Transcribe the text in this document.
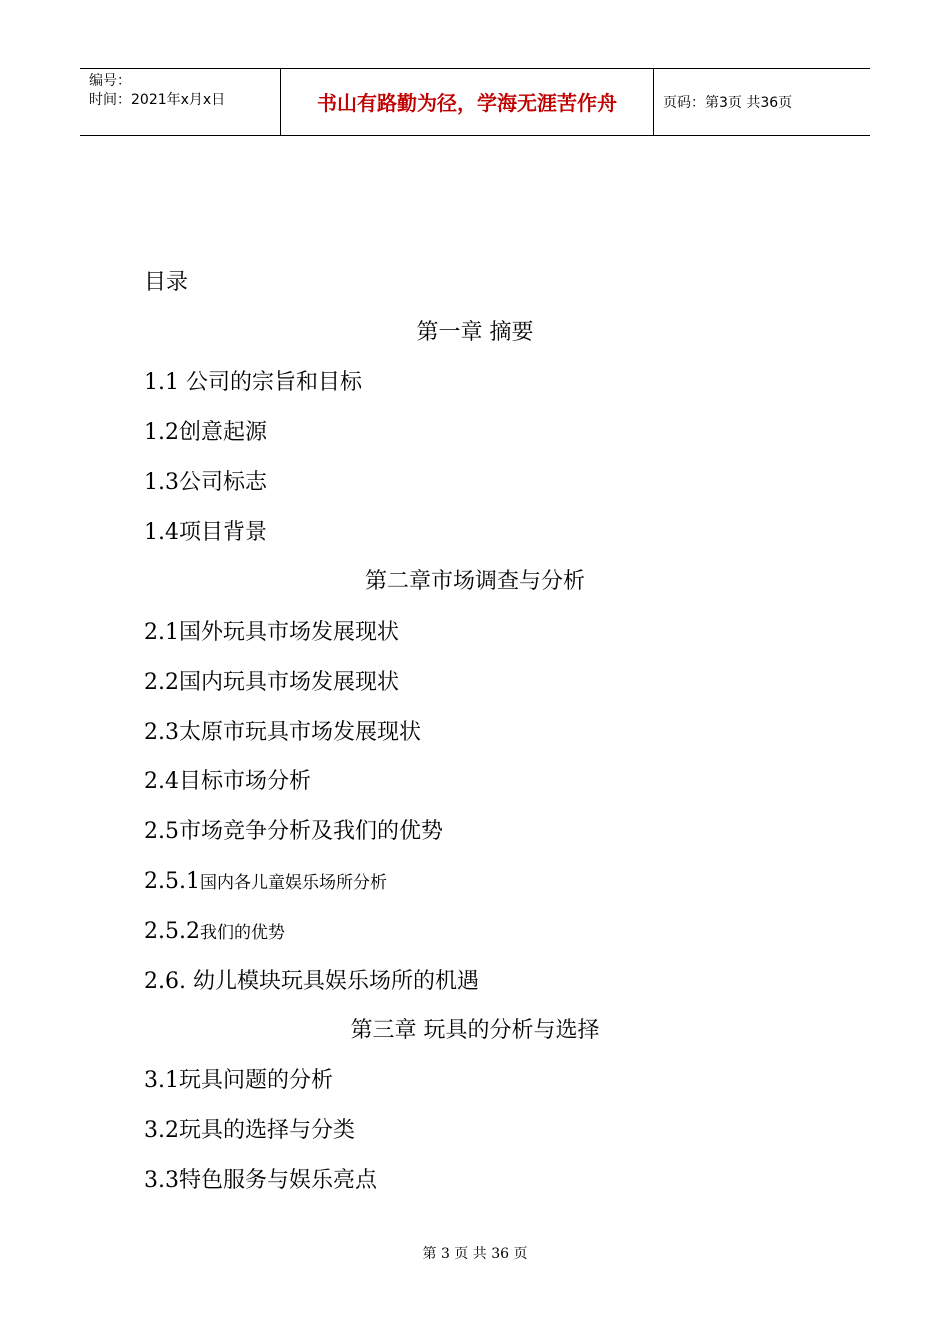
编号：
时间：2021年x月x日	书山有路勤为径，学海无涯苦作舟	页码：第3页 共36页
目录
第一章 摘要
1.1 公司的宗旨和目标
1.2创意起源
1.3公司标志
1.4项目背景
第二章市场调查与分析
2.1国外玩具市场发展现状
2.2国内玩具市场发展现状
2.3太原市玩具市场发展现状
2.4目标市场分析
2.5市场竞争分析及我们的优势
2.5.1国内各儿童娱乐场所分析
2.5.2我们的优势
2.6. 幼儿模块玩具娱乐场所的机遇
第三章 玩具的分析与选择
3.1玩具问题的分析
3.2玩具的选择与分类
3.3特色服务与娱乐亮点
第 3 页 共 36 页
